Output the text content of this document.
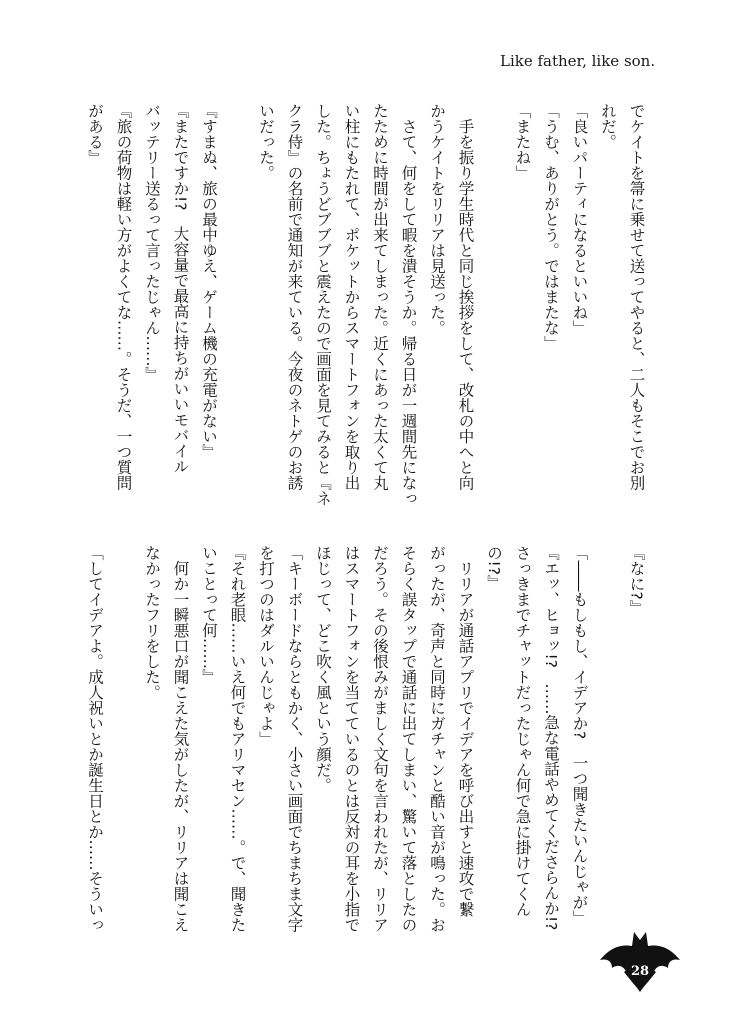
Like father, like son.
でケイトを箒に乗せて送ってやると、二人もそこでお別
れだ。
「良いパーティになるといいね」
「うむ、ありがとう。ではまたな」
「またね」
　手を振り学生時代と同じ挨拶をして、改札の中へと向
かうケイトをリリアは見送った。
　さて、何をして暇を潰そうか。帰る日が一週間先になっ
たために時間が出来てしまった。近くにあった太くて丸
い柱にもたれて、ポケットからスマートフォンを取り出
した。ちょうどブブブと震えたので画面を見てみると『ネ
クラ侍』の名前で通知が来ている。今夜のネトゲのお誘
いだった。
『すまぬ、旅の最中ゆえ、ゲーム機の充電がない』
『またですか!?　大容量で最高に持ちがいいモバイル
バッテリー送るって言ったじゃん……』
『旅の荷物は軽い方がよくてな……。そうだ、一つ質問
がある』
『なに?』
「――もしもし、イデアか?　一つ聞きたいんじゃが」
『エッ、ヒョッ!?　……急な電話やめてくださらんか!?
さっきまでチャットだったじゃん何で急に掛けてくん
の!?』
　リリアが通話アプリでイデアを呼び出すと速攻で繋
がったが、奇声と同時にガチャンと酷い音が鳴った。お
そらく誤タップで通話に出てしまい、驚いて落としたの
だろう。その後恨みがましく文句を言われたが、リリア
はスマートフォンを当てているのとは反対の耳を小指で
ほじって、どこ吹く風という顔だ。
「キーボードならともかく、小さい画面でちまちま文字
を打つのはダルいんじゃよ」
『それ老眼……いえ何でもアリマセン……。で、聞きた
いことって何……』
　何か一瞬悪口が聞こえた気がしたが、リリアは聞こえ
なかったフリをした。
「してイデアよ。成人祝いとか誕生日とか……そういっ
28
